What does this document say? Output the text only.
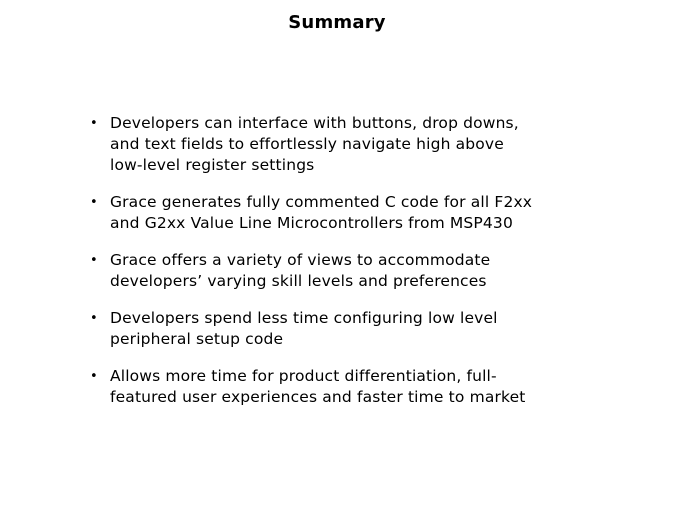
Summary
• Developers can interface with buttons, drop downs,
and text fields to effortlessly navigate high above
low-level register settings
• Grace generates fully commented C code for all F2xx
and G2xx Value Line Microcontrollers from MSP430
• Grace offers a variety of views to accommodate
developers’ varying skill levels and preferences
• Developers spend less time configuring low level
peripheral setup code
• Allows more time for product differentiation, full-
featured user experiences and faster time to market
